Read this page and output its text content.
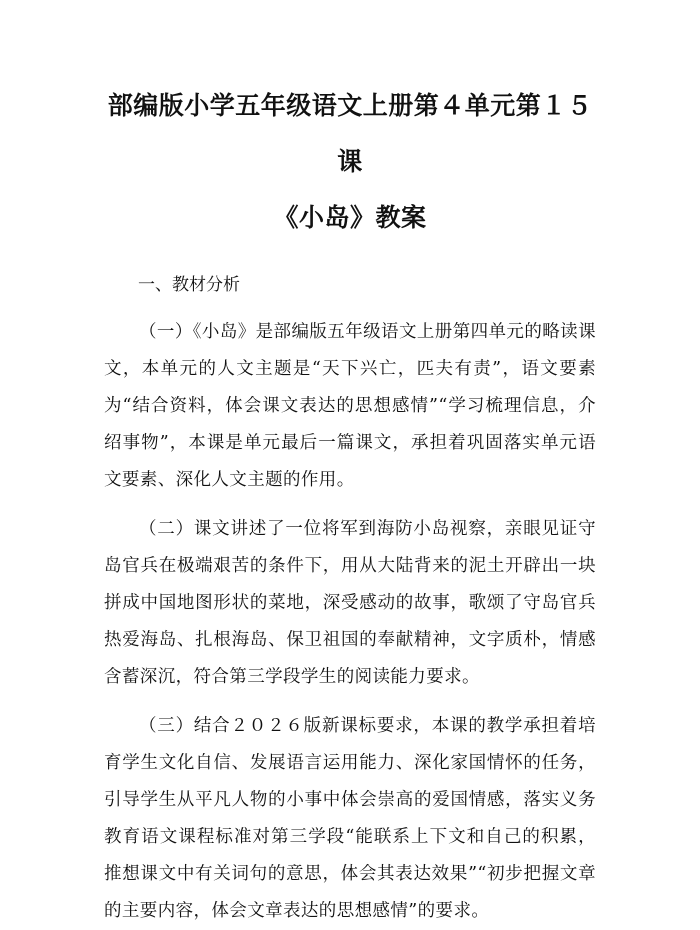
部编版小学五年级语文上册第４单元第１５课
《小岛》教案

一、教材分析

（一）《小岛》是部编版五年级语文上册第四单元的略读课文，本单元的人文主题是“天下兴亡，匹夫有责”，语文要素为“结合资料，体会课文表达的思想感情”“学习梳理信息，介绍事物”，本课是单元最后一篇课文，承担着巩固落实单元语文要素、深化人文主题的作用。

（二）课文讲述了一位将军到海防小岛视察，亲眼见证守岛官兵在极端艰苦的条件下，用从大陆背来的泥土开辟出一块拼成中国地图形状的菜地，深受感动的故事，歌颂了守岛官兵热爱海岛、扎根海岛、保卫祖国的奉献精神，文字质朴，情感含蓄深沉，符合第三学段学生的阅读能力要求。

（三）结合２０２６版新课标要求，本课的教学承担着培育学生文化自信、发展语言运用能力、深化家国情怀的任务，引导学生从平凡人物的小事中体会崇高的爱国情感，落实义务教育语文课程标准对第三学段“能联系上下文和自己的积累，推想课文中有关词句的意思，体会其表达效果”“初步把握文章的主要内容，体会文章表达的思想感情”的要求。
